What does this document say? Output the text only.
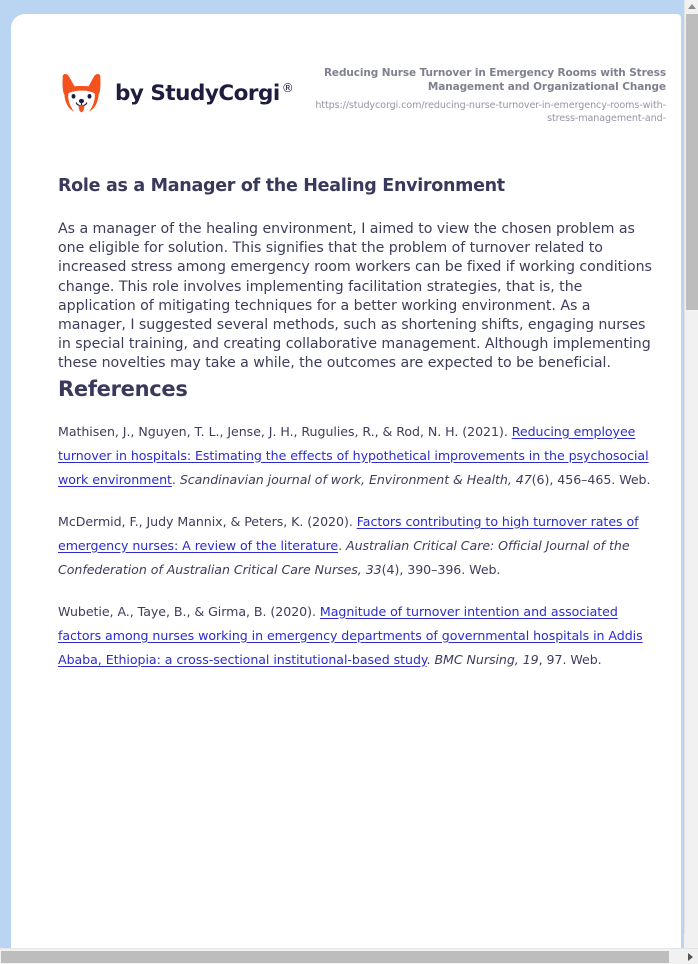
by StudyCorgi ®
Reducing Nurse Turnover in Emergency Rooms with Stress Management and Organizational Change
https://studycorgi.com/reducing-nurse-turnover-in-emergency-rooms-with-stress-management-and-
Role as a Manager of the Healing Environment

As a manager of the healing environment, I aimed to view the chosen problem as one eligible for solution. This signifies that the problem of turnover related to increased stress among emergency room workers can be fixed if working conditions change. This role involves implementing facilitation strategies, that is, the application of mitigating techniques for a better working environment. As a manager, I suggested several methods, such as shortening shifts, engaging nurses in special training, and creating collaborative management. Although implementing these novelties may take a while, the outcomes are expected to be beneficial.

References

Mathisen, J., Nguyen, T. L., Jense, J. H., Rugulies, R., & Rod, N. H. (2021). Reducing employee turnover in hospitals: Estimating the effects of hypothetical improvements in the psychosocial work environment. Scandinavian journal of work, Environment & Health, 47(6), 456–465. Web.

McDermid, F., Judy Mannix, & Peters, K. (2020). Factors contributing to high turnover rates of emergency nurses: A review of the literature. Australian Critical Care: Official Journal of the Confederation of Australian Critical Care Nurses, 33(4), 390–396. Web.

Wubetie, A., Taye, B., & Girma, B. (2020). Magnitude of turnover intention and associated factors among nurses working in emergency departments of governmental hospitals in Addis Ababa, Ethiopia: a cross-sectional institutional-based study. BMC Nursing, 19, 97. Web.
